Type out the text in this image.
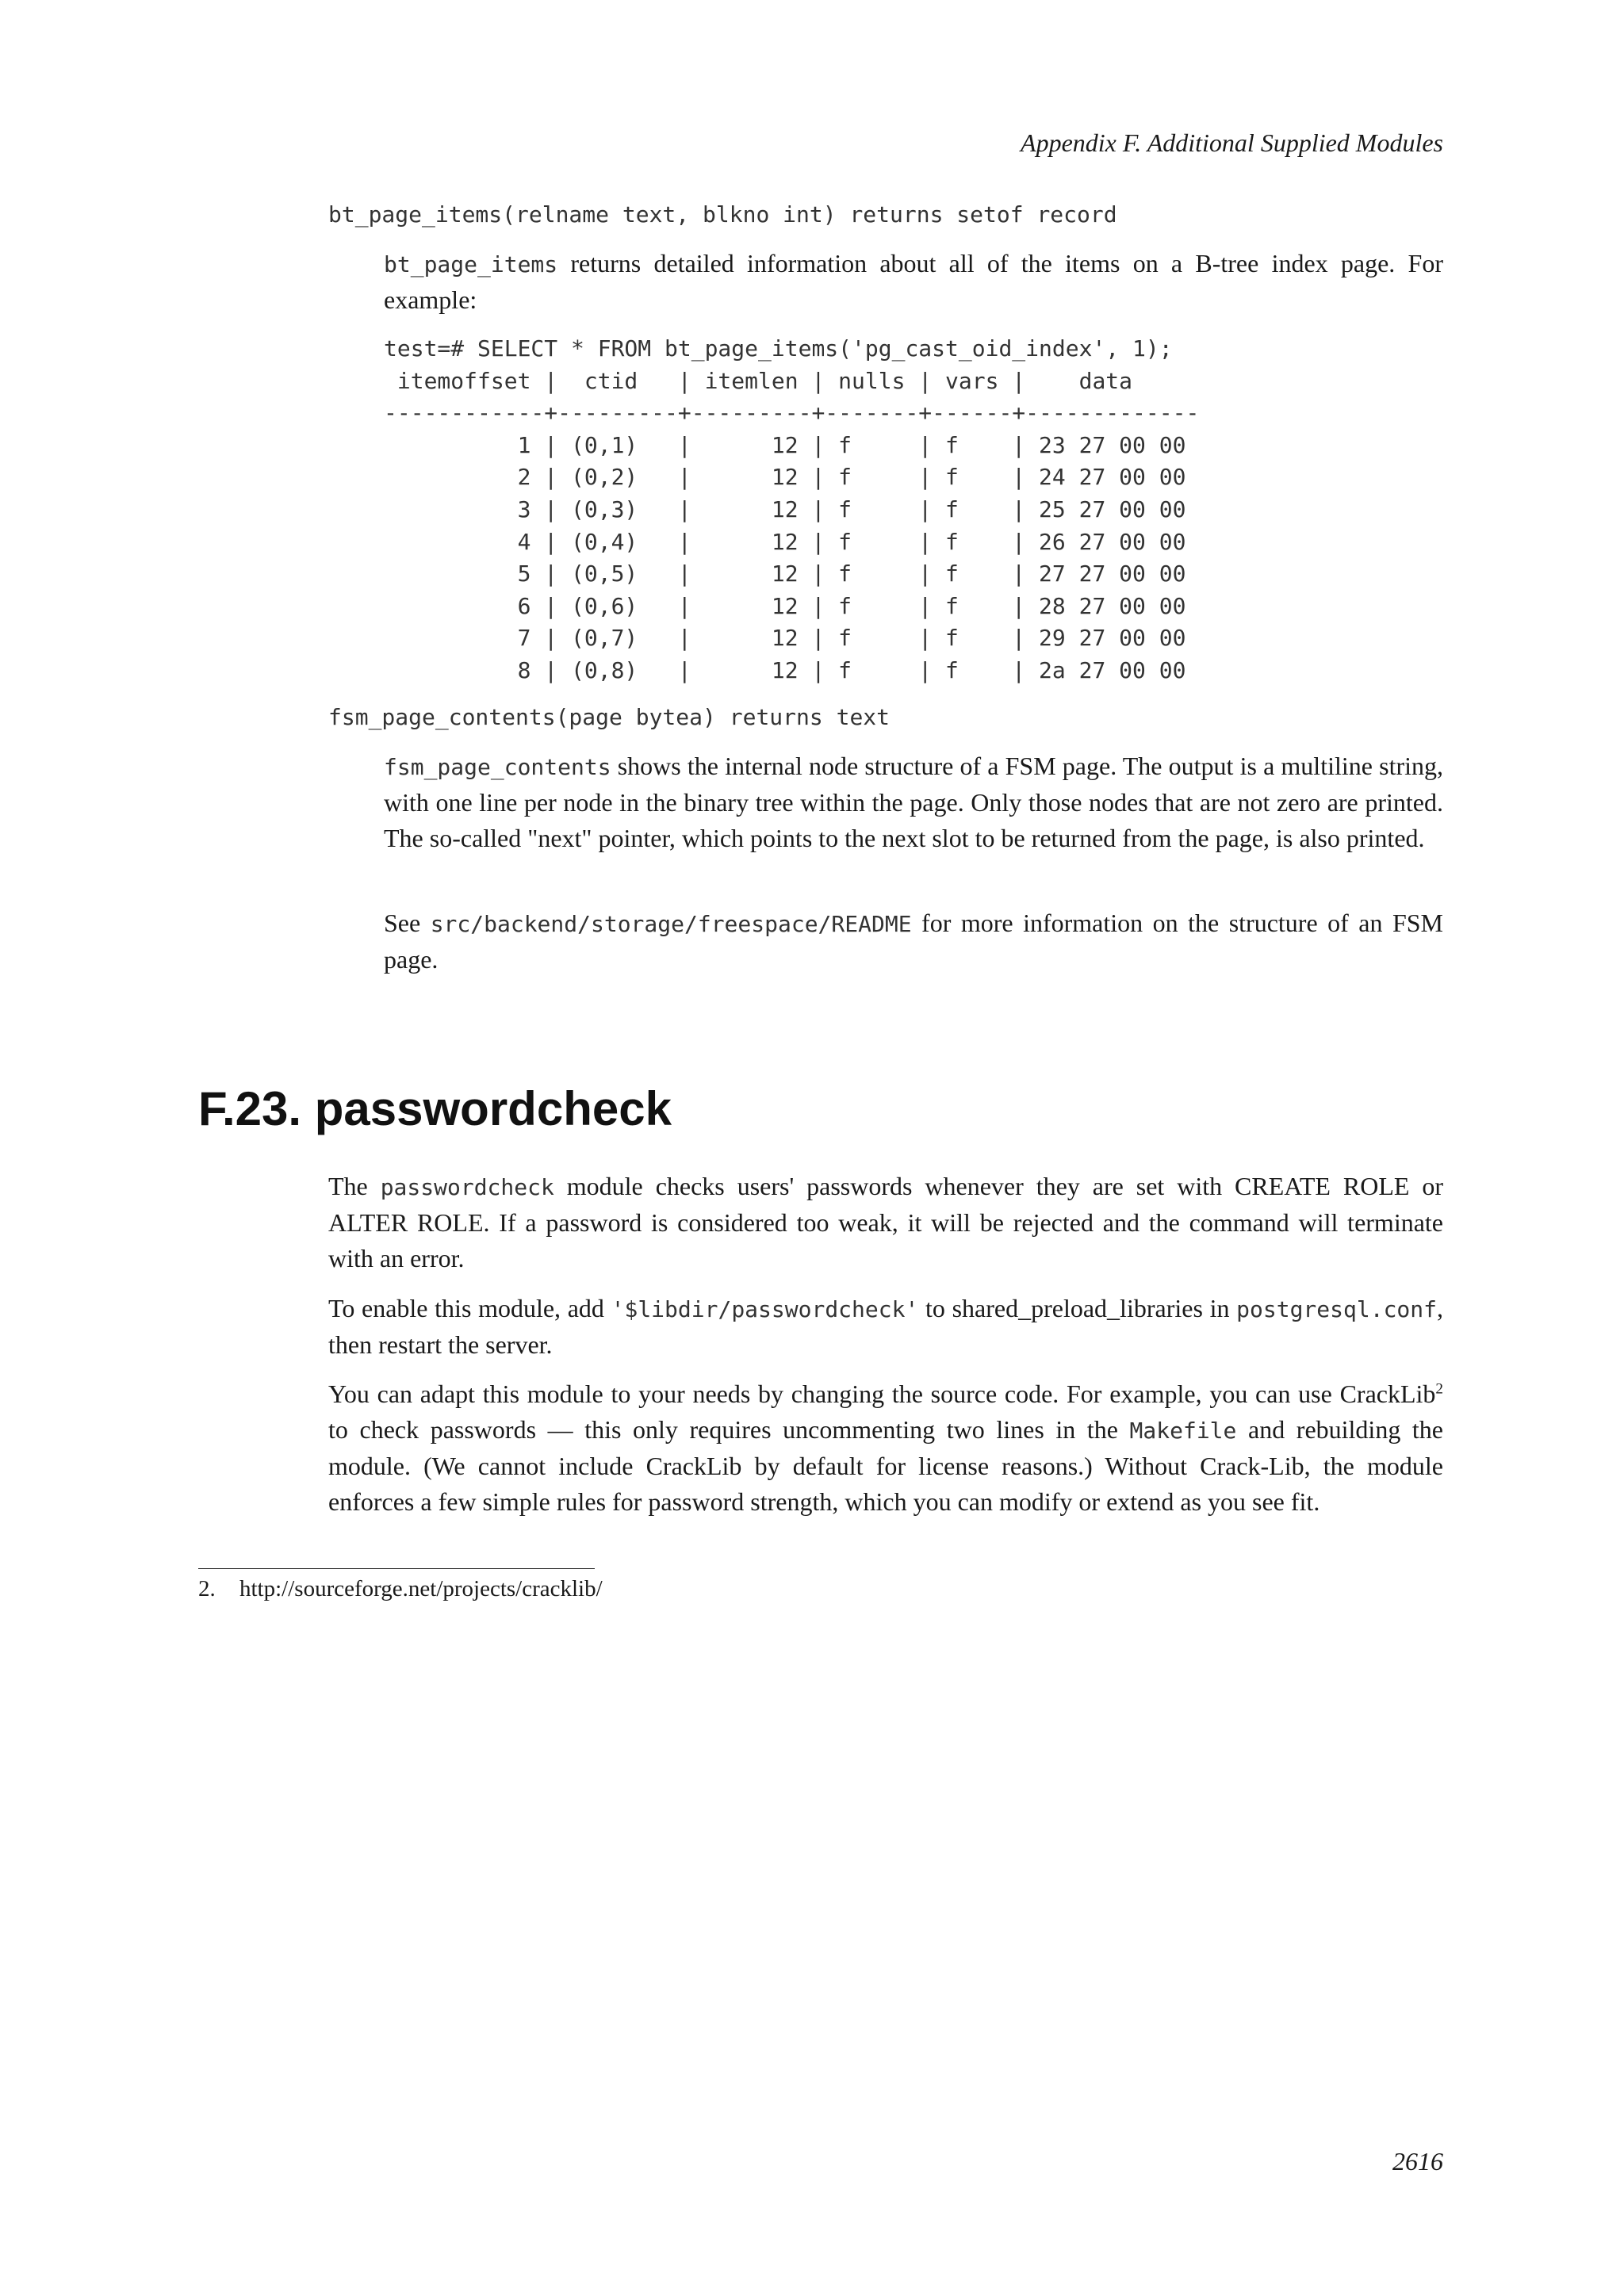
Appendix F. Additional Supplied Modules
bt_page_items(relname text, blkno int) returns setof record

bt_page_items returns detailed information about all of the items on a B-tree index page. For example:

test=# SELECT * FROM bt_page_items('pg_cast_oid_index', 1);
itemoffset |  ctid   | itemlen | nulls | vars |    data
------------+---------+---------+-------+------+-------------
1 | (0,1)   |      12 | f     | f    | 23 27 00 00
2 | (0,2)   |      12 | f     | f    | 24 27 00 00
3 | (0,3)   |      12 | f     | f    | 25 27 00 00
4 | (0,4)   |      12 | f     | f    | 26 27 00 00
5 | (0,5)   |      12 | f     | f    | 27 27 00 00
6 | (0,6)   |      12 | f     | f    | 28 27 00 00
7 | (0,7)   |      12 | f     | f    | 29 27 00 00
8 | (0,8)   |      12 | f     | f    | 2a 27 00 00
fsm_page_contents(page bytea) returns text

fsm_page_contents shows the internal node structure of a FSM page. The output is a multiline string, with one line per node in the binary tree within the page. Only those nodes that are not zero are printed. The so-called "next" pointer, which points to the next slot to be returned from the page, is also printed.

See src/backend/storage/freespace/README for more information on the structure of an FSM page.

F.23. passwordcheck

The passwordcheck module checks users' passwords whenever they are set with CREATE ROLE or ALTER ROLE. If a password is considered too weak, it will be rejected and the command will terminate with an error.

To enable this module, add '$libdir/passwordcheck' to shared_preload_libraries in postgresql.conf, then restart the server.

You can adapt this module to your needs by changing the source code. For example, you can use CrackLib$^2$ to check passwords — this only requires uncommenting two lines in the Makefile and rebuilding the module. (We cannot include CrackLib by default for license reasons.) Without Crack-Lib, the module enforces a few simple rules for password strength, which you can modify or extend as you see fit.

2. http://sourceforge.net/projects/cracklib/
2616
